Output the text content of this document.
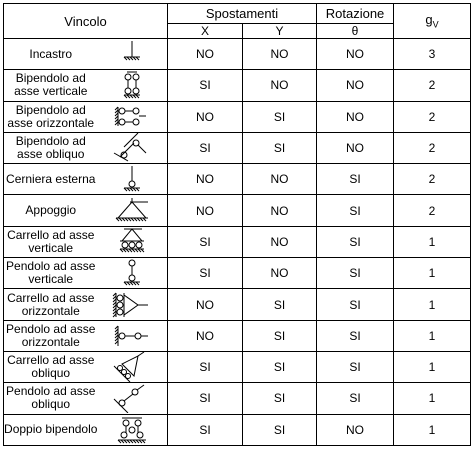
Vincolo		Spostamenti		Rotazione	$g_V$
		X	Y	θ	

Incastro		NO	NO	NO	3

Bipendolo ad asse verticale		SI	NO	NO	2

Bipendolo ad asse orizzontale		NO	SI	NO	2

Bipendolo ad asse obliquo		SI	SI	NO	2

Cerniera esterna		NO	NO	SI	2

Appoggio		NO	NO	SI	2

Carrello ad asse verticale		SI	NO	SI	1

Pendolo ad asse verticale		SI	NO	SI	1

Carrello ad asse orizzontale		NO	SI	SI	1

Pendolo ad asse orizzontale		NO	SI	SI	1

Carrello ad asse obliquo		SI	SI	SI	1

Pendolo ad asse obliquo		SI	SI	SI	1

Doppio bipendolo		SI	SI	NO	1
